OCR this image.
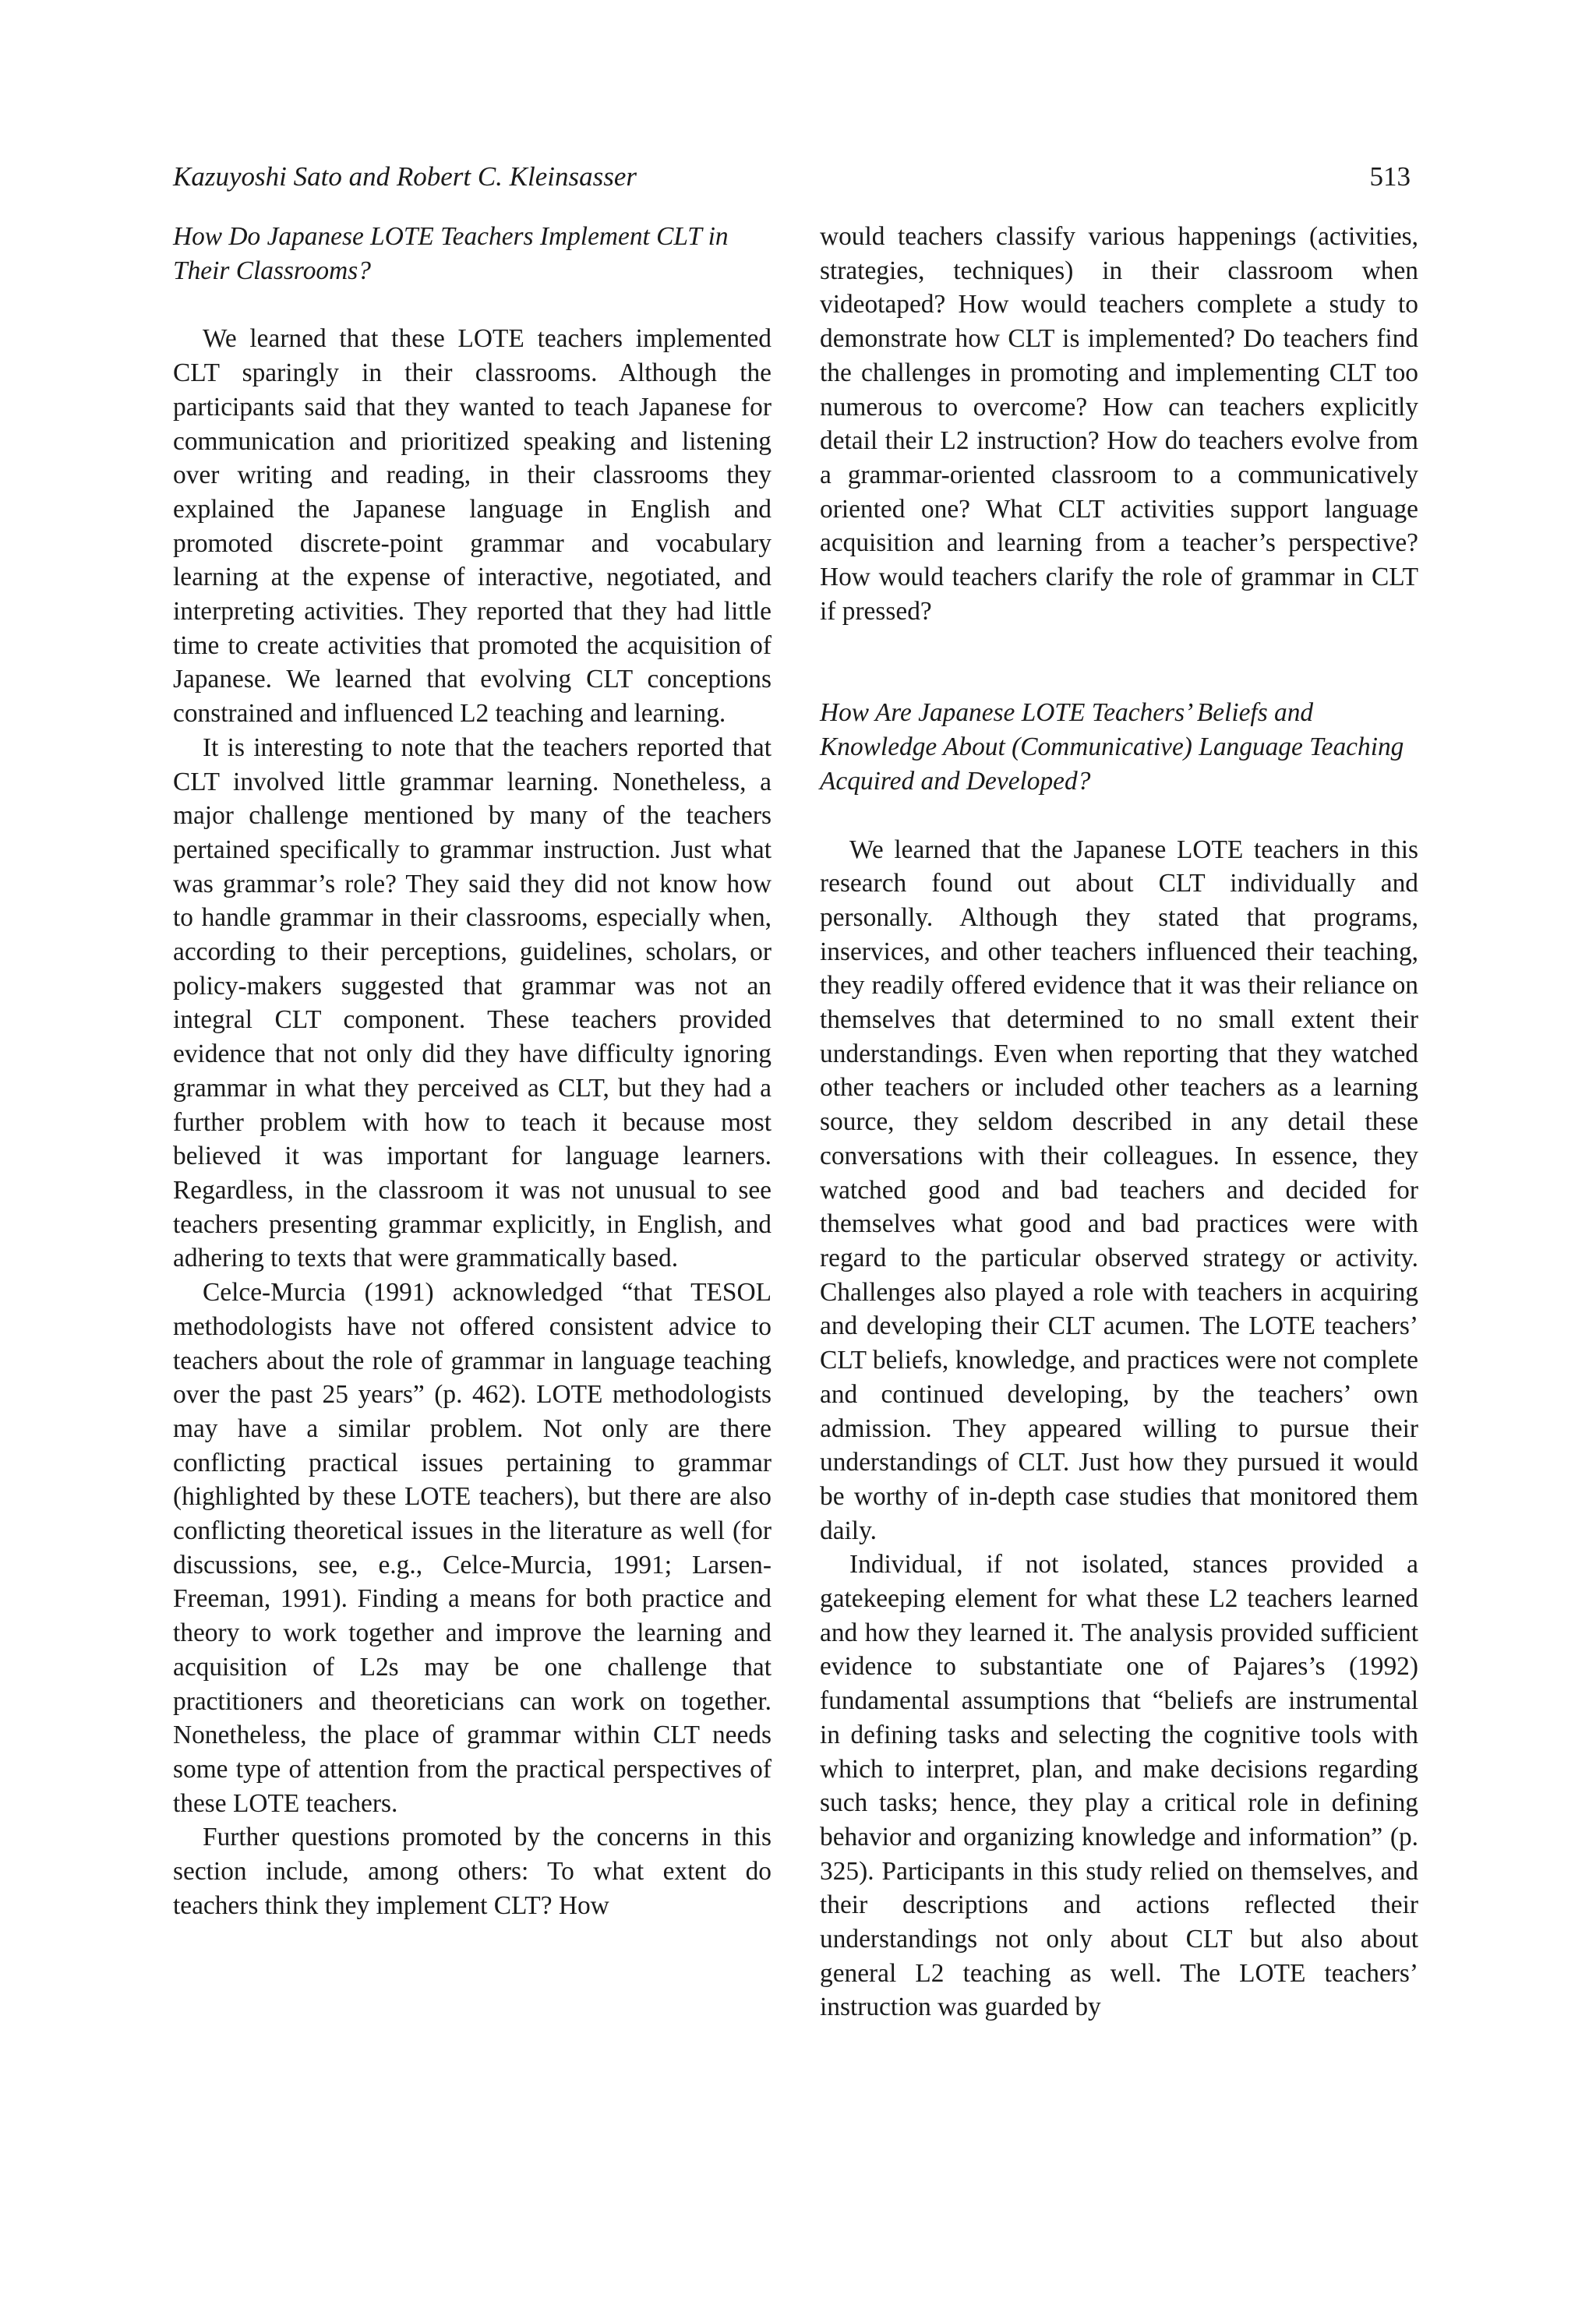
Kazuyoshi Sato and Robert C. Kleinsasser	513
How Do Japanese LOTE Teachers Implement CLT in Their Classrooms?

We learned that these LOTE teachers implemented CLT sparingly in their classrooms. Although the participants said that they wanted to teach Japanese for communication and prioritized speaking and listening over writing and reading, in their classrooms they explained the Japanese language in English and promoted discrete-point grammar and vocabulary learning at the expense of interactive, negotiated, and interpreting activities. They reported that they had little time to create activities that promoted the acquisition of Japanese. We learned that evolving CLT conceptions constrained and influenced L2 teaching and learning.

It is interesting to note that the teachers reported that CLT involved little grammar learning. Nonetheless, a major challenge mentioned by many of the teachers pertained specifically to grammar instruction. Just what was grammar’s role? They said they did not know how to handle grammar in their classrooms, especially when, according to their perceptions, guidelines, scholars, or policy-makers suggested that grammar was not an integral CLT component. These teachers provided evidence that not only did they have difficulty ignoring grammar in what they perceived as CLT, but they had a further problem with how to teach it because most believed it was important for language learners. Regardless, in the classroom it was not unusual to see teachers presenting grammar explicitly, in English, and adhering to texts that were grammatically based.

Celce-Murcia (1991) acknowledged “that TESOL methodologists have not offered consistent advice to teachers about the role of grammar in language teaching over the past 25 years” (p. 462). LOTE methodologists may have a similar problem. Not only are there conflicting practical issues pertaining to grammar (highlighted by these LOTE teachers), but there are also conflicting theoretical issues in the literature as well (for discussions, see, e.g., Celce-Murcia, 1991; Larsen-Freeman, 1991). Finding a means for both practice and theory to work together and improve the learning and acquisition of L2s may be one challenge that practitioners and theoreticians can work on together. Nonetheless, the place of grammar within CLT needs some type of attention from the practical perspectives of these LOTE teachers.

Further questions promoted by the concerns in this section include, among others: To what extent do teachers think they implement CLT? How

would teachers classify various happenings (activities, strategies, techniques) in their classroom when videotaped? How would teachers complete a study to demonstrate how CLT is implemented? Do teachers find the challenges in promoting and implementing CLT too numerous to overcome? How can teachers explicitly detail their L2 instruction? How do teachers evolve from a grammar-oriented classroom to a communicatively oriented one? What CLT activities support language acquisition and learning from a teacher’s perspective? How would teachers clarify the role of grammar in CLT if pressed?

How Are Japanese LOTE Teachers’ Beliefs and Knowledge About (Communicative) Language Teaching Acquired and Developed?

We learned that the Japanese LOTE teachers in this research found out about CLT individually and personally. Although they stated that programs, inservices, and other teachers influenced their teaching, they readily offered evidence that it was their reliance on themselves that determined to no small extent their understandings. Even when reporting that they watched other teachers or included other teachers as a learning source, they seldom described in any detail these conversations with their colleagues. In essence, they watched good and bad teachers and decided for themselves what good and bad practices were with regard to the particular observed strategy or activity. Challenges also played a role with teachers in acquiring and developing their CLT acumen. The LOTE teachers’ CLT beliefs, knowledge, and practices were not complete and continued developing, by the teachers’ own admission. They appeared willing to pursue their understandings of CLT. Just how they pursued it would be worthy of in-depth case studies that monitored them daily.

Individual, if not isolated, stances provided a gatekeeping element for what these L2 teachers learned and how they learned it. The analysis provided sufficient evidence to substantiate one of Pajares’s (1992) fundamental assumptions that “beliefs are instrumental in defining tasks and selecting the cognitive tools with which to interpret, plan, and make decisions regarding such tasks; hence, they play a critical role in defining behavior and organizing knowledge and information” (p. 325). Participants in this study relied on themselves, and their descriptions and actions reflected their understandings not only about CLT but also about general L2 teaching as well. The LOTE teachers’ instruction was guarded by
